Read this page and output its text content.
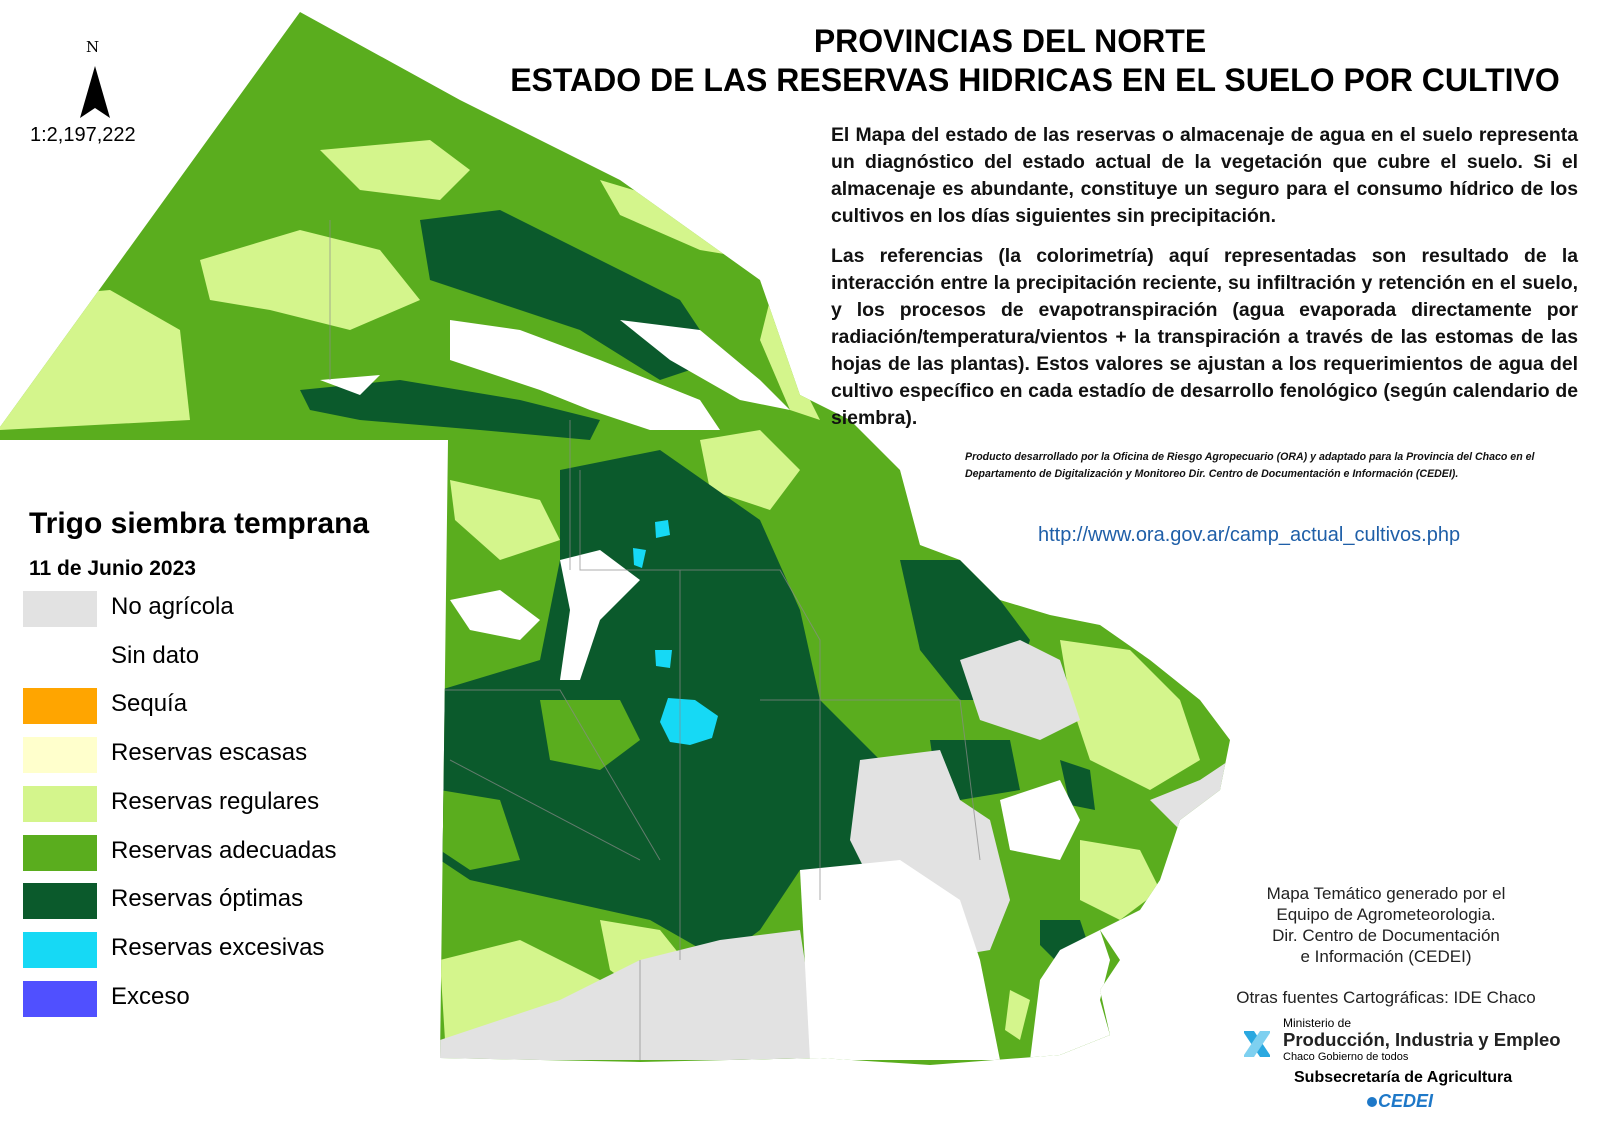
N
1:2,197,222
PROVINCIAS DEL NORTE
ESTADO DE LAS RESERVAS HIDRICAS EN EL SUELO POR CULTIVO
El Mapa del estado de las reservas o almacenaje de agua en el suelo representa un diagnóstico del estado actual de la vegetación que cubre el suelo. Si el almacenaje es abundante, constituye un seguro para el consumo hídrico de los cultivos en los días siguientes sin precipitación.
Las referencias (la colorimetría) aquí representadas son resultado de la interacción entre la precipitación reciente, su infiltración y retención en el suelo, y los procesos de evapotranspiración (agua evaporada directamente por radiación/temperatura/vientos + la transpiración a través de las estomas de las hojas de las plantas). Estos valores se ajustan a los requerimientos de agua del cultivo específico en cada estadío de desarrollo fenológico (según calendario de siembra).
Producto desarrollado por la Oficina de Riesgo Agropecuario (ORA) y adaptado para la Provincia del Chaco en el Departamento de Digitalización y Monitoreo Dir. Centro de Documentación e Información (CEDEI).
http://www.ora.gov.ar/camp_actual_cultivos.php
Trigo siembra temprana
11 de Junio 2023
No agrícola
Sin dato
Sequía
Reservas escasas
Reservas regulares
Reservas adecuadas
Reservas óptimas
Reservas excesivas
Exceso
Mapa Temático generado por el
Equipo de Agrometeorologia.
Dir. Centro de Documentación
e Información (CEDEI)
Otras fuentes Cartográficas: IDE Chaco
Ministerio de
Producción, Industria y Empleo
Chaco Gobierno de todos
Subsecretaría de Agricultura
CEDEI
